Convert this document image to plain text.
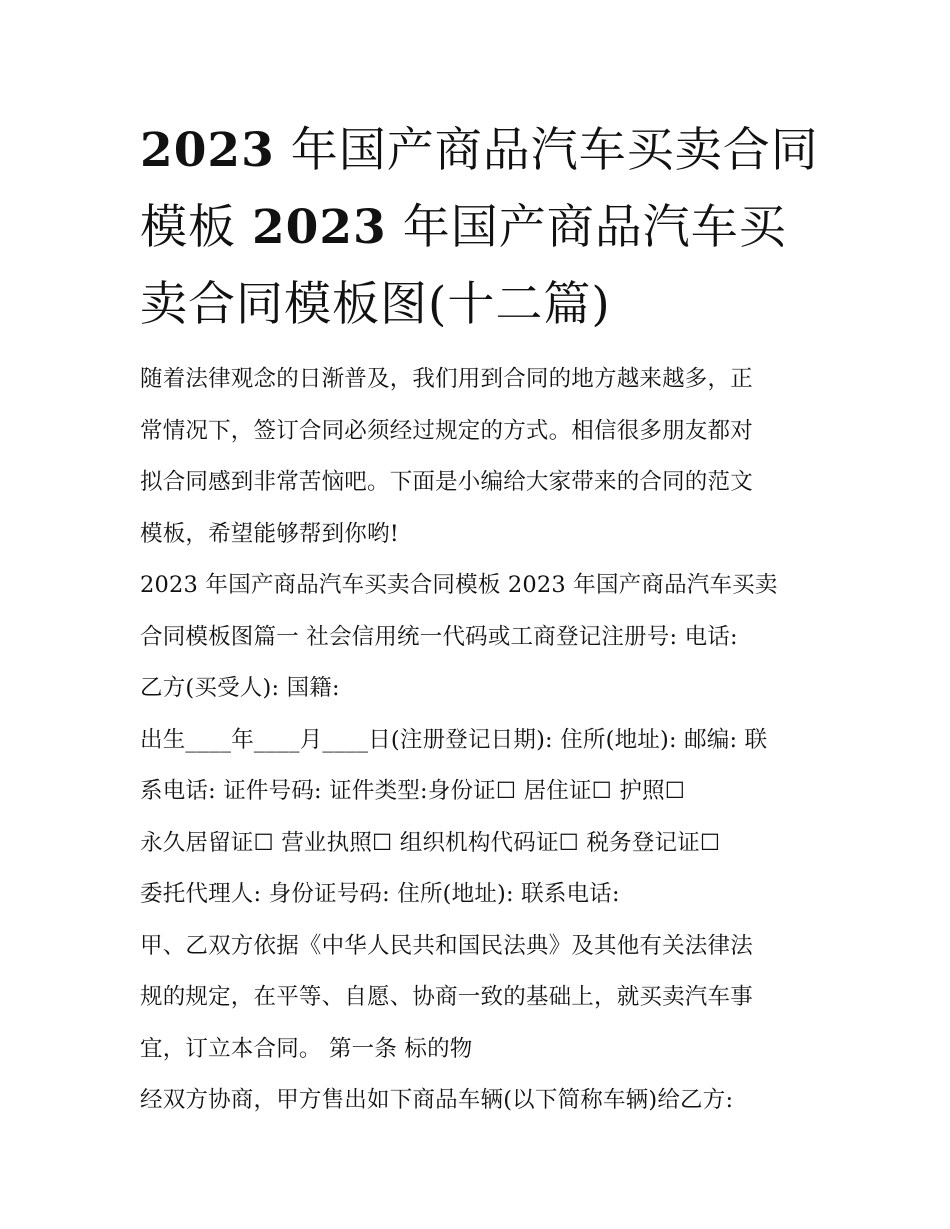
2023 年国产商品汽车买卖合同
模板 2023 年国产商品汽车买
卖合同模板图(十二篇)

随着法律观念的日渐普及，我们用到合同的地方越来越多，正

常情况下，签订合同必须经过规定的方式。相信很多朋友都对

拟合同感到非常苦恼吧。下面是小编给大家带来的合同的范文

模板，希望能够帮到你哟!

2023 年国产商品汽车买卖合同模板 2023 年国产商品汽车买卖

合同模板图篇一 社会信用统一代码或工商登记注册号: 电话:

乙方(买受人): 国籍:

出生____年____月____日(注册登记日期): 住所(地址): 邮编: 联

系电话: 证件号码: 证件类型:身份证☐ 居住证☐ 护照☐

永久居留证☐ 营业执照☐ 组织机构代码证☐ 税务登记证☐

委托代理人: 身份证号码: 住所(地址): 联系电话:

甲、乙双方依据《中华人民共和国民法典》及其他有关法律法

规的规定，在平等、自愿、协商一致的基础上，就买卖汽车事

宜，订立本合同。 第一条 标的物

经双方协商，甲方售出如下商品车辆(以下简称车辆)给乙方:
